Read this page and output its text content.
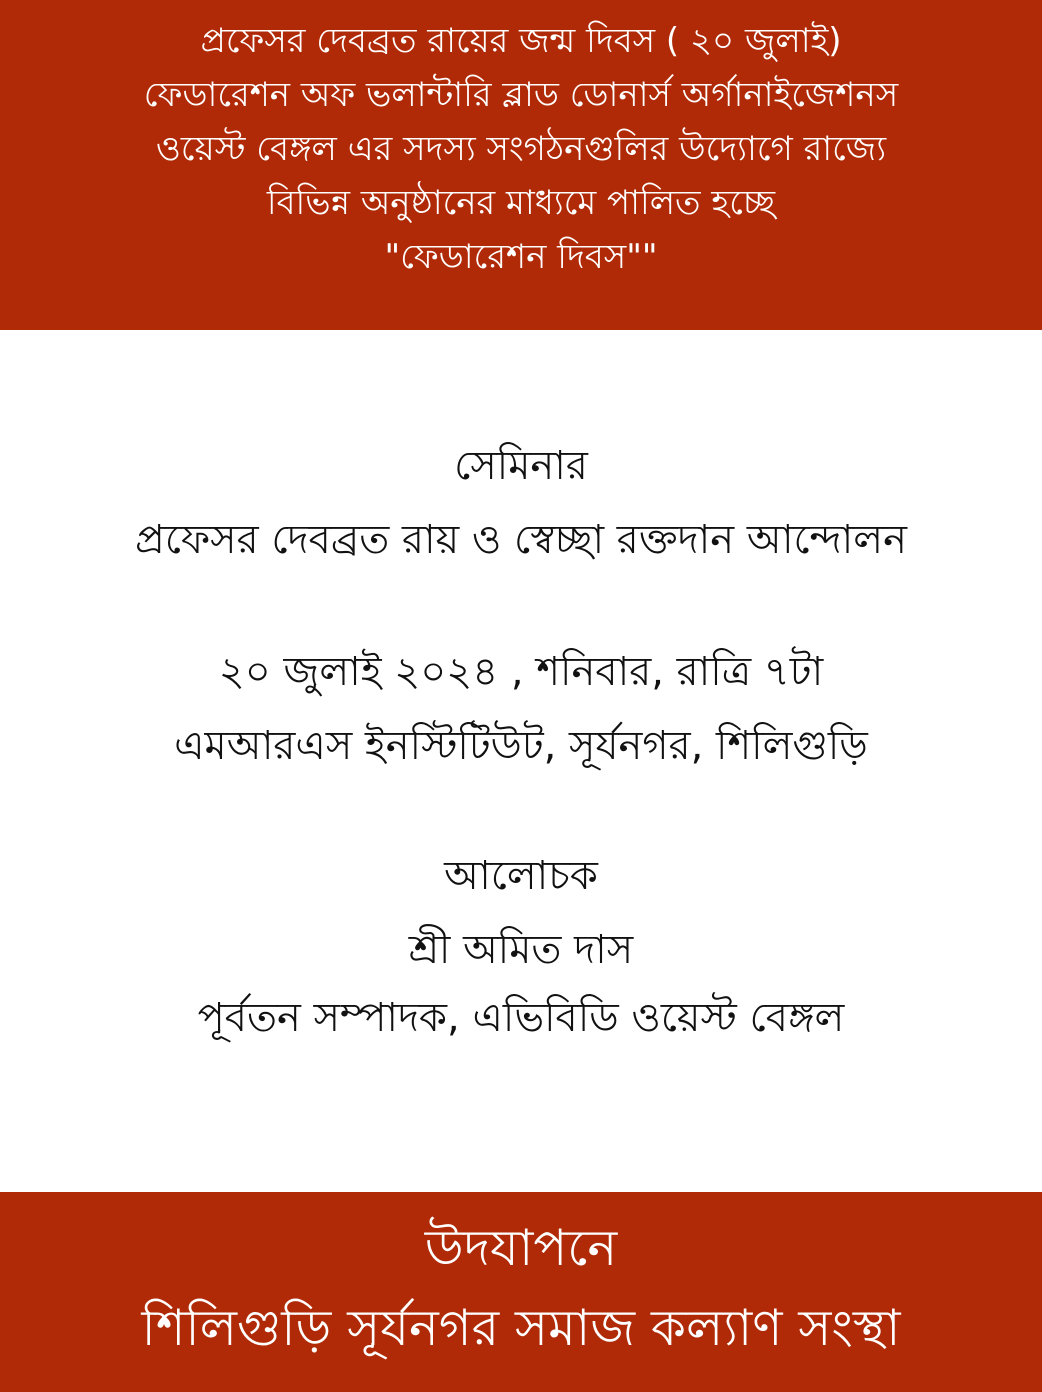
প্রফেসর দেবব্রত রায়ের জন্ম দিবস ( ২০ জুলাই)
ফেডারেশন অফ ভলান্টারি ব্লাড ডোনার্স অর্গানাইজেশনস
ওয়েস্ট বেঙ্গল এর সদস্য সংগঠনগুলির উদ্যোগে রাজ্যে
বিভিন্ন অনুষ্ঠানের মাধ্যমে পালিত হচ্ছে
"ফেডারেশন দিবস""
সেমিনার
প্রফেসর দেবব্রত রায় ও স্বেচ্ছা রক্তদান আন্দোলন
২০ জুলাই ২০২৪ , শনিবার, রাত্রি ৭টা
এমআরএস ইনস্টিটিউট, সূর্যনগর, শিলিগুড়ি
আলোচক
শ্রী অমিত দাস
পূর্বতন সম্পাদক, এভিবিডি ওয়েস্ট বেঙ্গল
উদযাপনে
শিলিগুড়ি সূর্যনগর সমাজ কল্যাণ সংস্থা
